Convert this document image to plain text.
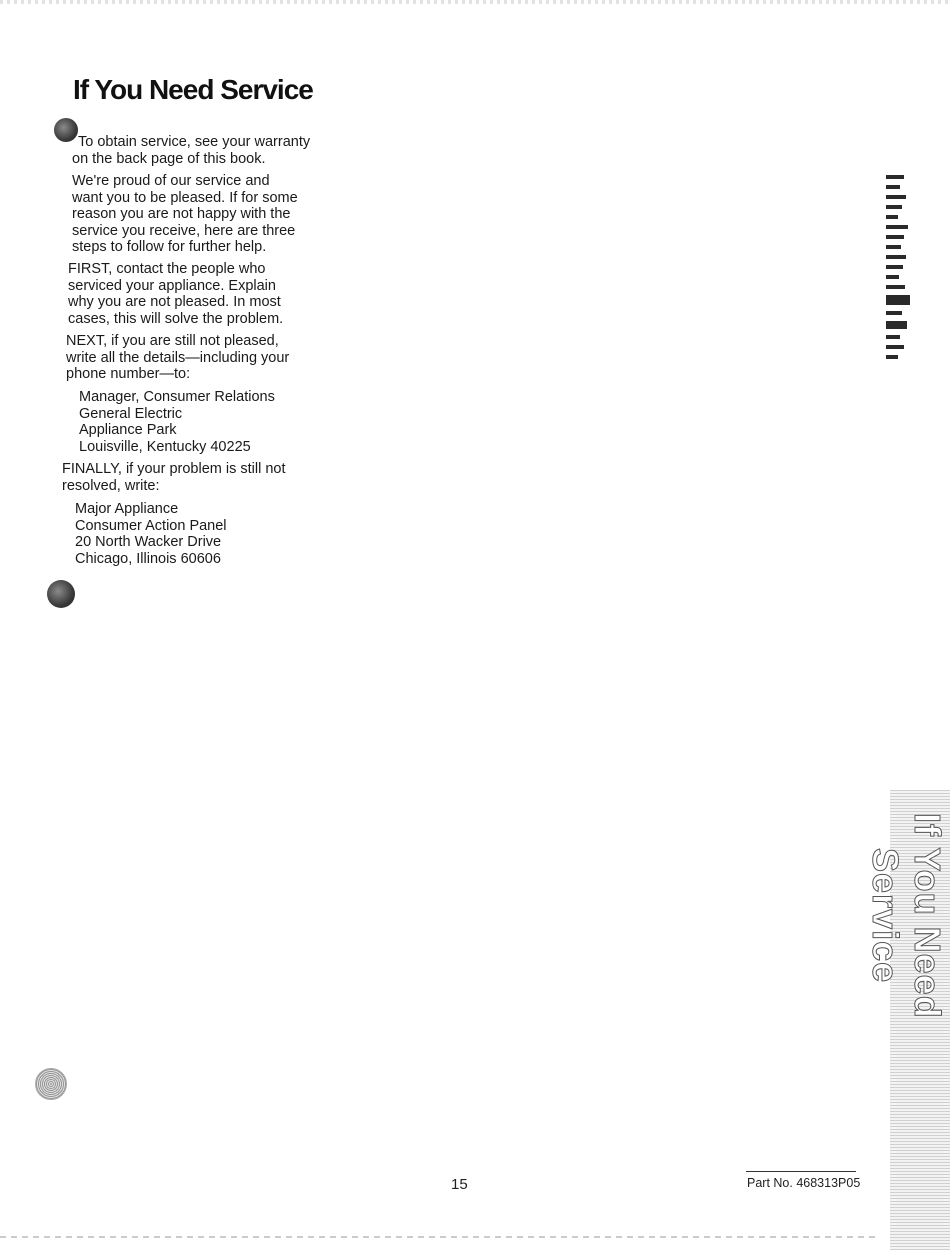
If You Need Service
To obtain service, see your warranty
on the back page of this book.
We're proud of our service and
want you to be pleased. If for some
reason you are not happy with the
service you receive, here are three
steps to follow for further help.
FIRST, contact the people who
serviced your appliance. Explain
why you are not pleased. In most
cases, this will solve the problem.
NEXT, if you are still not pleased,
write all the details—including your
phone number—to:
Manager, Consumer Relations
General Electric
Appliance Park
Louisville, Kentucky 40225
FINALLY, if your problem is still not
resolved, write:
Major Appliance
Consumer Action Panel
20 North Wacker Drive
Chicago, Illinois 60606
If You Need Service
15	Part No. 468313P05
